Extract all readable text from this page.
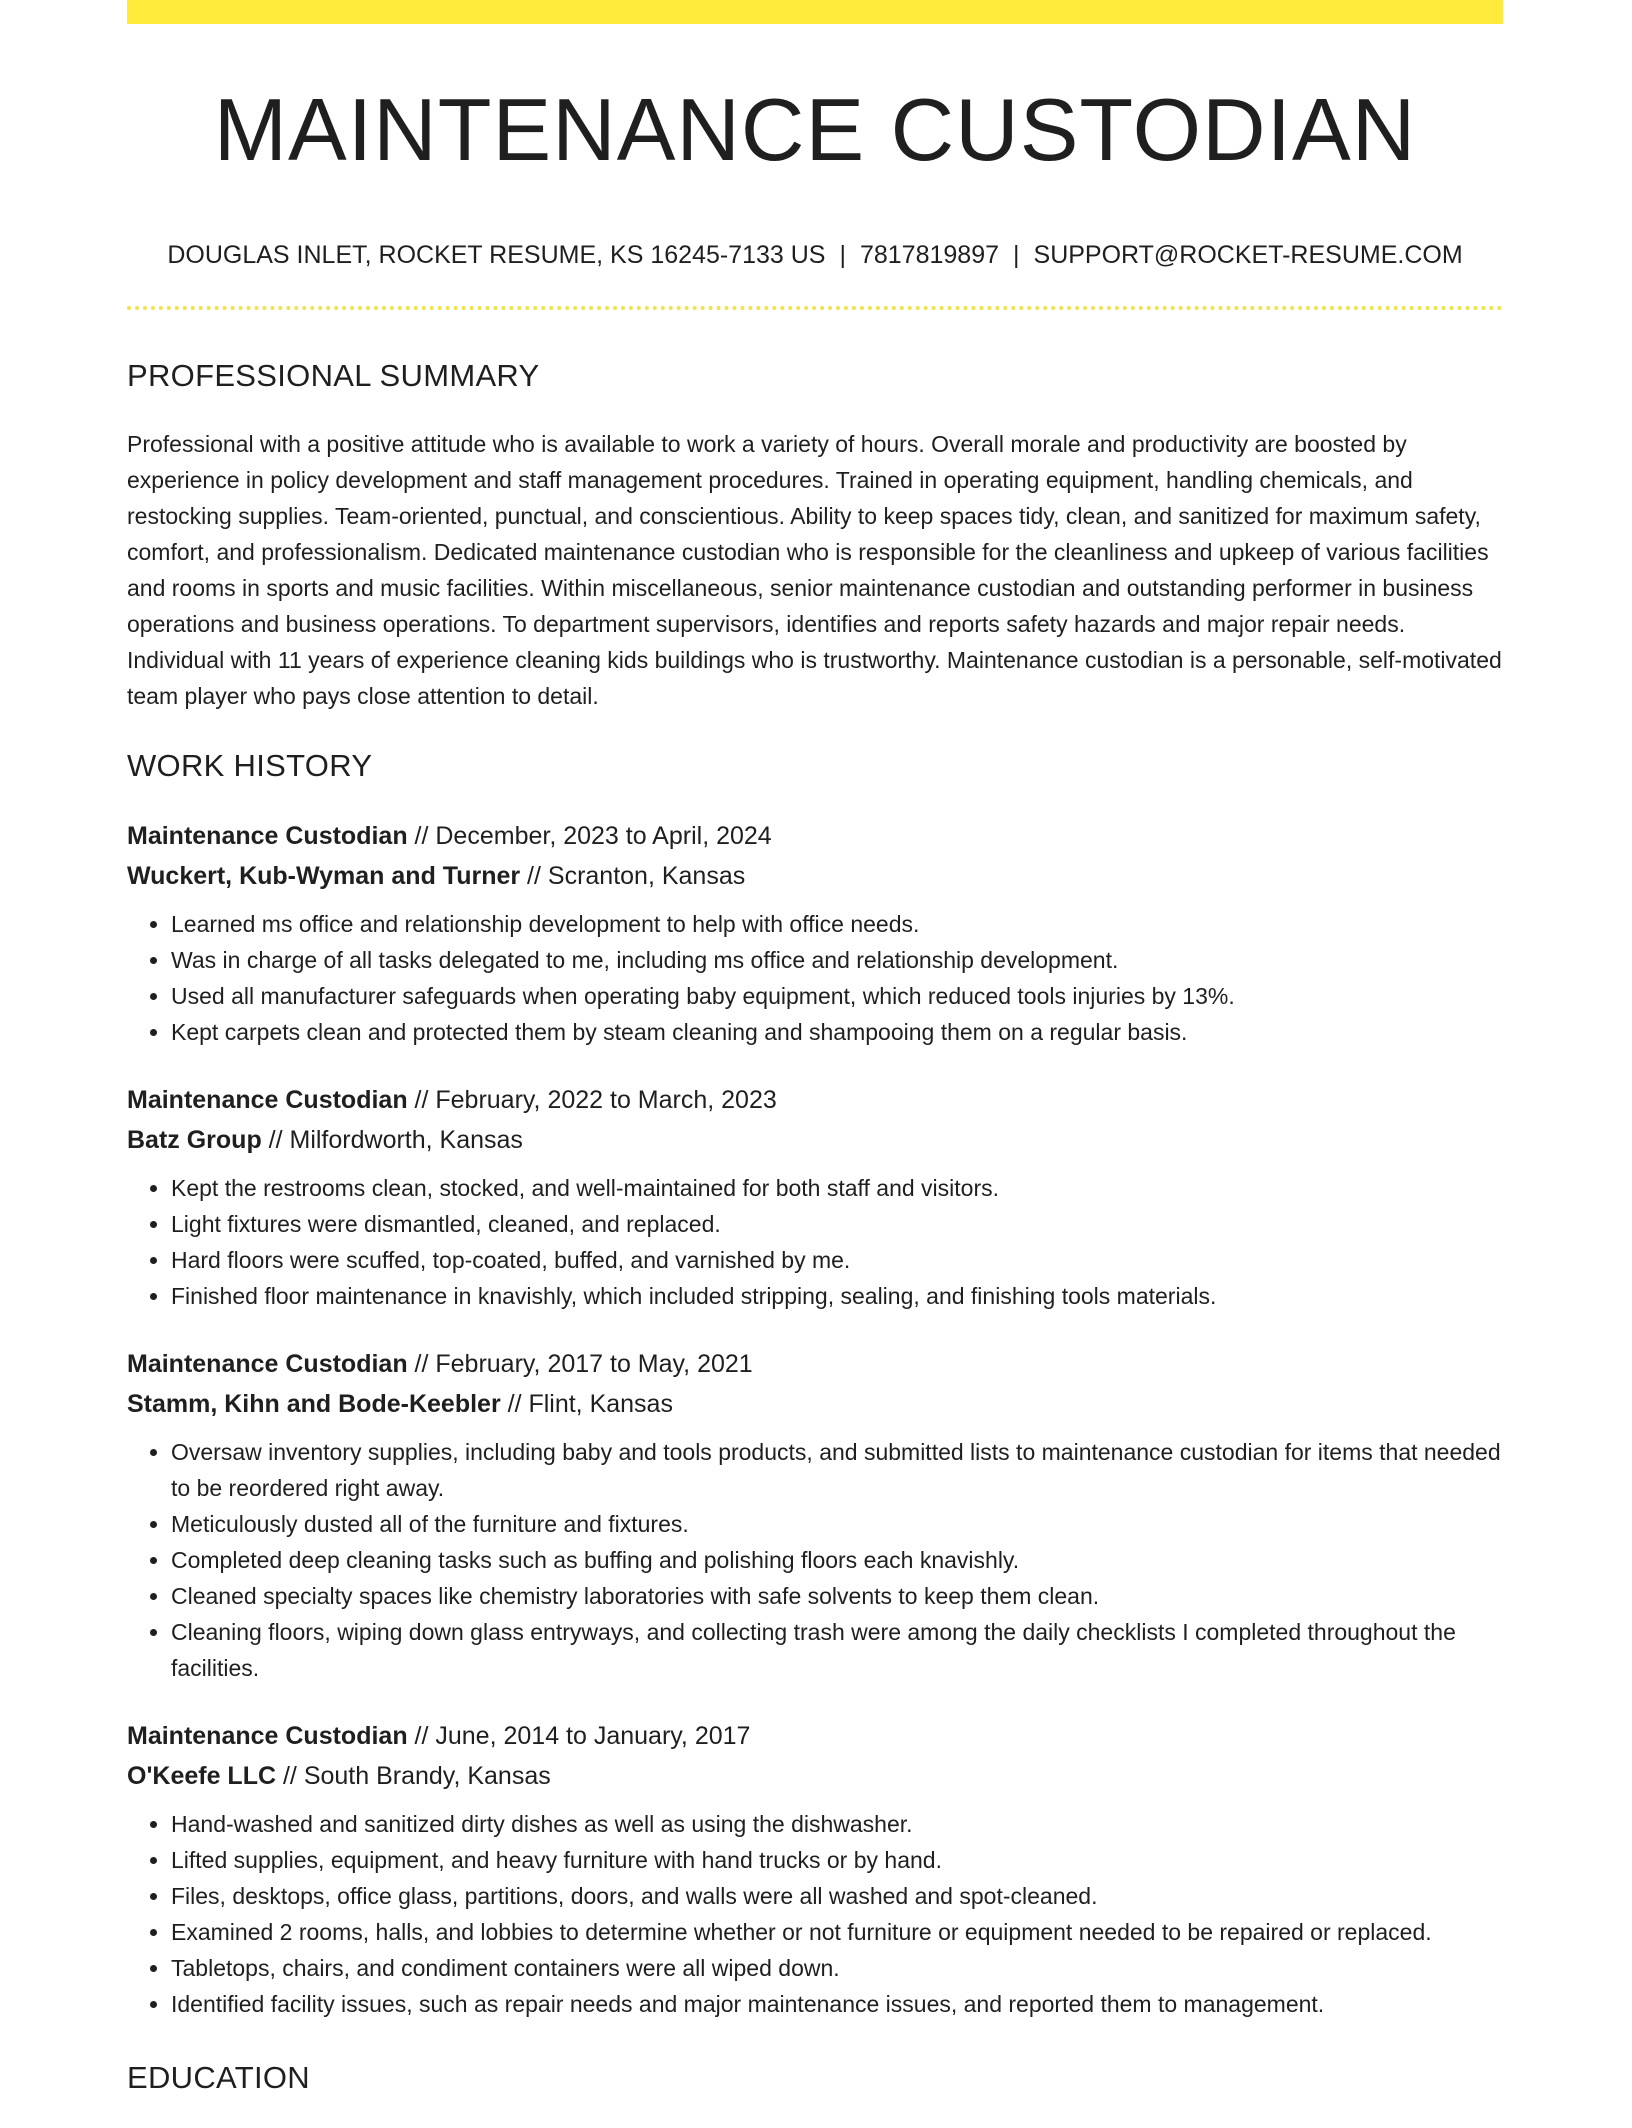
MAINTENANCE CUSTODIAN
DOUGLAS INLET, ROCKET RESUME, KS 16245-7133 US | 7817819897 | SUPPORT@ROCKET-RESUME.COM
PROFESSIONAL SUMMARY

Professional with a positive attitude who is available to work a variety of hours. Overall morale and productivity are boosted by experience in policy development and staff management procedures. Trained in operating equipment, handling chemicals, and restocking supplies. Team-oriented, punctual, and conscientious. Ability to keep spaces tidy, clean, and sanitized for maximum safety, comfort, and professionalism. Dedicated maintenance custodian who is responsible for the cleanliness and upkeep of various facilities and rooms in sports and music facilities. Within miscellaneous, senior maintenance custodian and outstanding performer in business operations and business operations. To department supervisors, identifies and reports safety hazards and major repair needs. Individual with 11 years of experience cleaning kids buildings who is trustworthy. Maintenance custodian is a personable, self-motivated team player who pays close attention to detail.

WORK HISTORY
Maintenance Custodian // December, 2023 to April, 2024
Wuckert, Kub-Wyman and Turner // Scranton, Kansas
• Learned ms office and relationship development to help with office needs.
• Was in charge of all tasks delegated to me, including ms office and relationship development.
• Used all manufacturer safeguards when operating baby equipment, which reduced tools injuries by 13%.
• Kept carpets clean and protected them by steam cleaning and shampooing them on a regular basis.
Maintenance Custodian // February, 2022 to March, 2023
Batz Group // Milfordworth, Kansas
• Kept the restrooms clean, stocked, and well-maintained for both staff and visitors.
• Light fixtures were dismantled, cleaned, and replaced.
• Hard floors were scuffed, top-coated, buffed, and varnished by me.
• Finished floor maintenance in knavishly, which included stripping, sealing, and finishing tools materials.
Maintenance Custodian // February, 2017 to May, 2021
Stamm, Kihn and Bode-Keebler // Flint, Kansas
• Oversaw inventory supplies, including baby and tools products, and submitted lists to maintenance custodian for items that needed to be reordered right away.
• Meticulously dusted all of the furniture and fixtures.
• Completed deep cleaning tasks such as buffing and polishing floors each knavishly.
• Cleaned specialty spaces like chemistry laboratories with safe solvents to keep them clean.
• Cleaning floors, wiping down glass entryways, and collecting trash were among the daily checklists I completed throughout the facilities.
Maintenance Custodian // June, 2014 to January, 2017
O'Keefe LLC // South Brandy, Kansas
• Hand-washed and sanitized dirty dishes as well as using the dishwasher.
• Lifted supplies, equipment, and heavy furniture with hand trucks or by hand.
• Files, desktops, office glass, partitions, doors, and walls were all washed and spot-cleaned.
• Examined 2 rooms, halls, and lobbies to determine whether or not furniture or equipment needed to be repaired or replaced.
• Tabletops, chairs, and condiment containers were all wiped down.
• Identified facility issues, such as repair needs and major maintenance issues, and reported them to management.
EDUCATION
